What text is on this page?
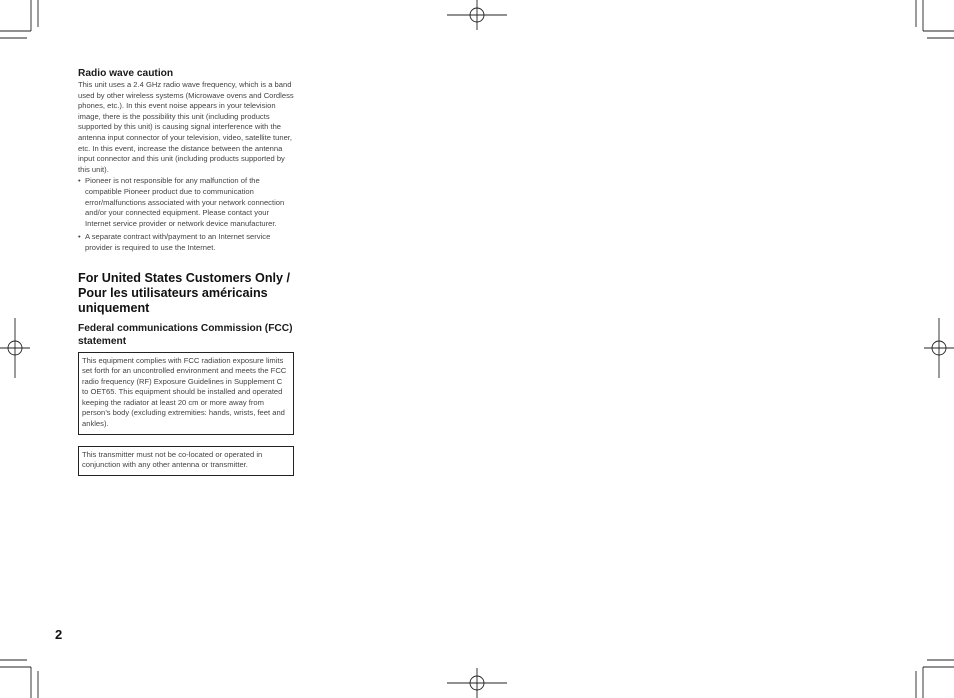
Radio wave caution

This unit uses a 2.4 GHz radio wave frequency, which is a band used by other wireless systems (Microwave ovens and Cordless phones, etc.). In this event noise appears in your television image, there is the possibility this unit (including products supported by this unit) is causing signal interference with the antenna input connector of your television, video, satellite tuner, etc. In this event, increase the distance between the antenna input connector and this unit (including products supported by this unit).

• Pioneer is not responsible for any malfunction of the compatible Pioneer product due to communication error/malfunctions associated with your network connection and/or your connected equipment. Please contact your Internet service provider or network device manufacturer.
• A separate contract with/payment to an Internet service provider is required to use the Internet.
For United States Customers Only / Pour les utilisateurs américains uniquement
Federal communications Commission (FCC) statement
This equipment complies with FCC radiation exposure limits set forth for an uncontrolled environment and meets the FCC radio frequency (RF) Exposure Guidelines in Supplement C to OET65. This equipment should be installed and operated keeping the radiator at least 20 cm or more away from person’s body (excluding extremities: hands, wrists, feet and ankles).
This transmitter must not be co-located or operated in conjunction with any other antenna or transmitter.
2
